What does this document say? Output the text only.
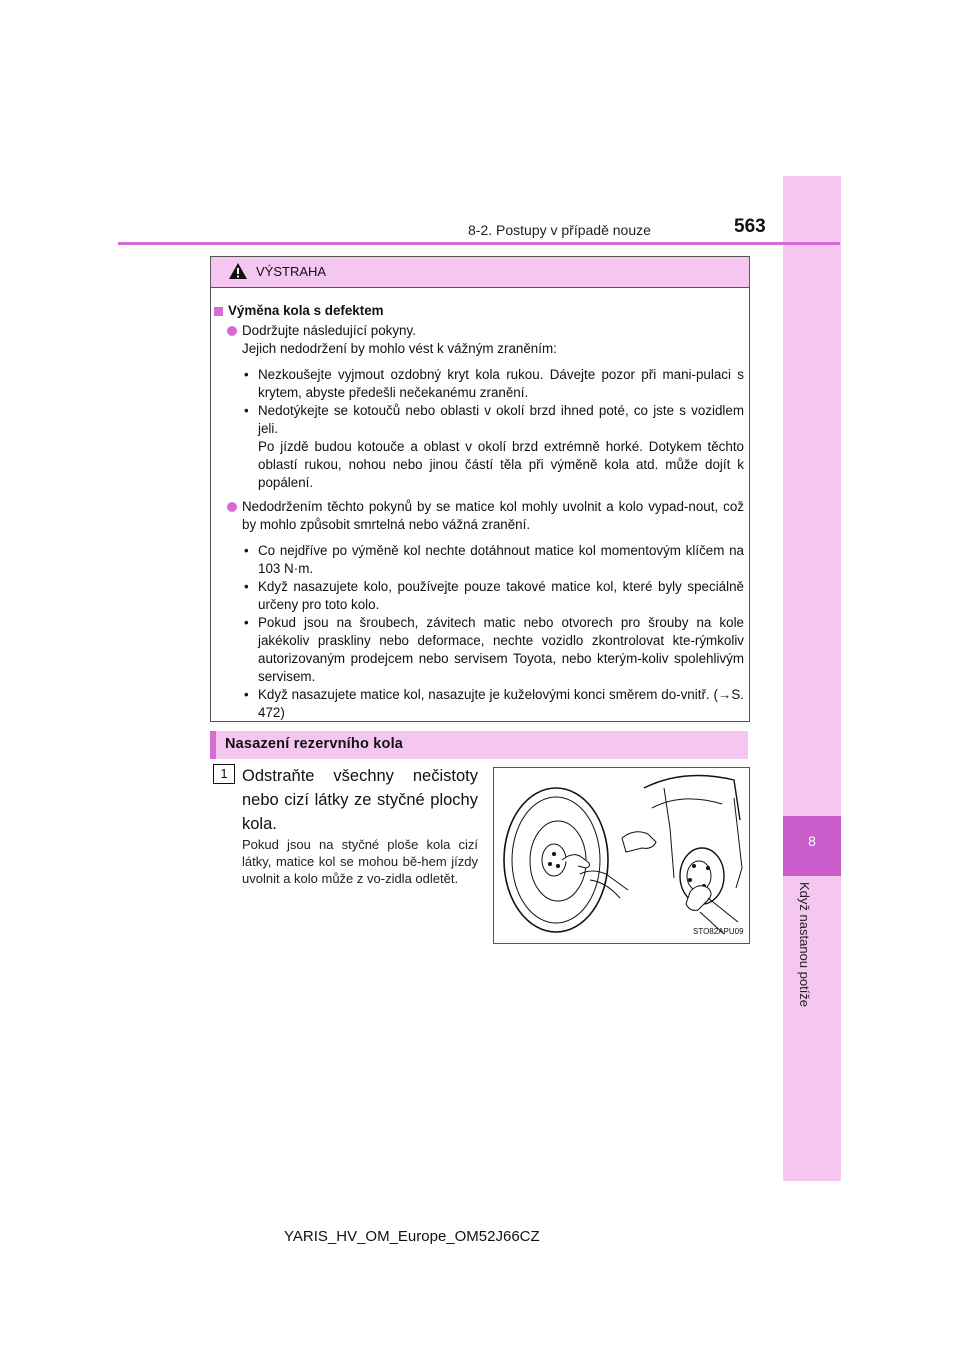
8
Když nastanou potíže
8-2. Postupy v případě nouze	563
VÝSTRAHA
Výměna kola s defektem
Dodržujte následující pokyny.
Jejich nedodržení by mohlo vést k vážným zraněním:
• Nezkoušejte vyjmout ozdobný kryt kola rukou. Dávejte pozor při mani-pulaci s krytem, abyste předešli nečekanému zranění.
• Nedotýkejte se kotoučů nebo oblasti v okolí brzd ihned poté, co jste s vozidlem jeli.
Po jízdě budou kotouče a oblast v okolí brzd extrémně horké. Dotykem těchto oblastí rukou, nohou nebo jinou částí těla při výměně kola atd. může dojít k popálení.
Nedodržením těchto pokynů by se matice kol mohly uvolnit a kolo vypad-nout, což by mohlo způsobit smrtelná nebo vážná zranění.
• Co nejdříve po výměně kol nechte dotáhnout matice kol momentovým klíčem na 103 N·m.
• Když nasazujete kolo, používejte pouze takové matice kol, které byly speciálně určeny pro toto kolo.
• Pokud jsou na šroubech, závitech matic nebo otvorech pro šrouby na kole jakékoliv praskliny nebo deformace, nechte vozidlo zkontrolovat kte-rýmkoliv autorizovaným prodejcem nebo servisem Toyota, nebo kterým-koliv spolehlivým servisem.
• Když nasazujete matice kol, nasazujte je kuželovými konci směrem do-vnitř. (→S. 472)
Nasazení rezervního kola
1 Odstraňte všechny nečistoty nebo cizí látky ze styčné plochy kola.
Pokud jsou na styčné ploše kola cizí látky, matice kol se mohou bě-hem jízdy uvolnit a kolo může z vo-zidla odletět.
STO82APU09
YARIS_HV_OM_Europe_OM52J66CZ
